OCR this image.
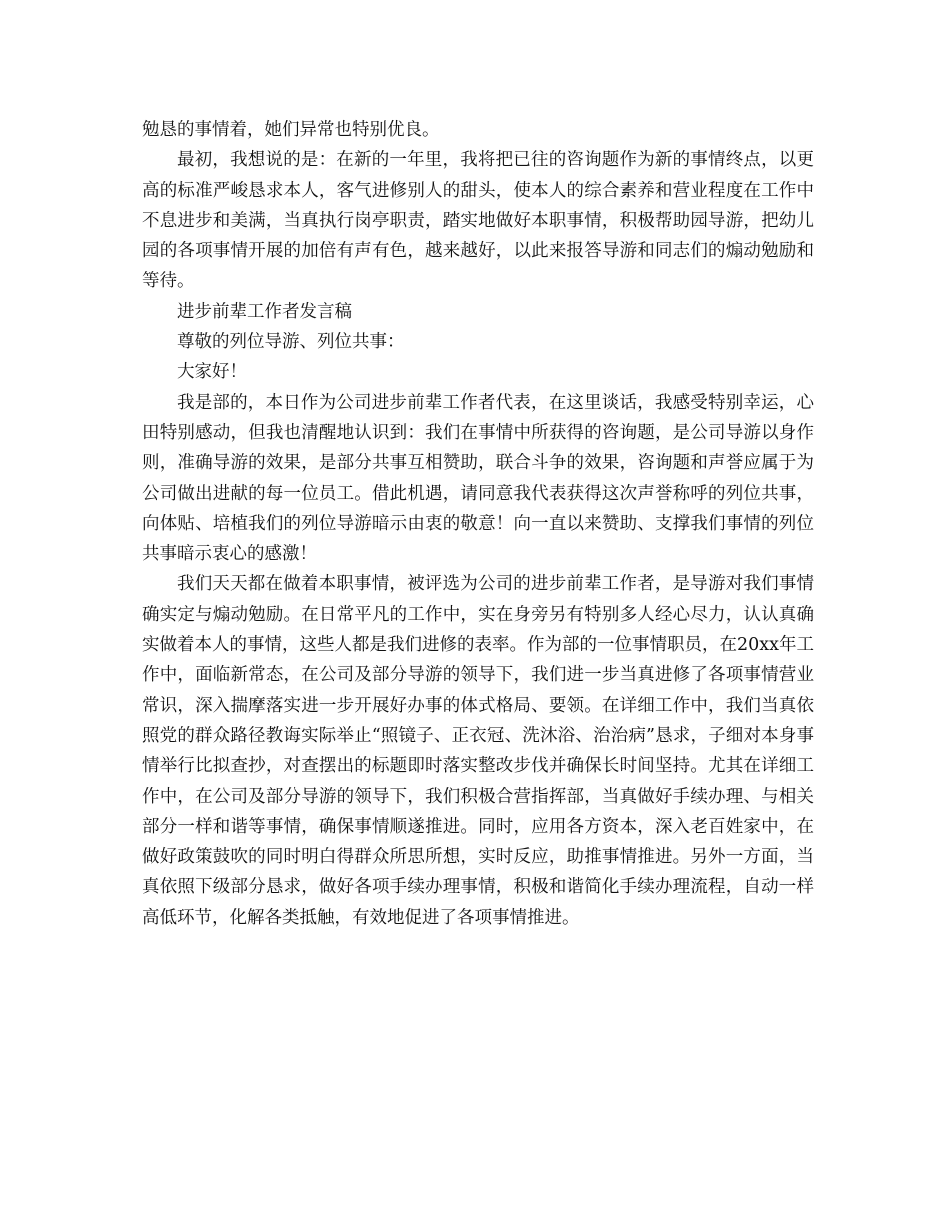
勉恳的事情着，她们异常也特别优良。

最初，我想说的是：在新的一年里，我将把已往的咨询题作为新的事情终点，以更高的标准严峻恳求本人，客气进修别人的甜头，使本人的综合素养和营业程度在工作中不息进步和美满，当真执行岗亭职责，踏实地做好本职事情，积极帮助园导游，把幼儿园的各项事情开展的加倍有声有色，越来越好，以此来报答导游和同志们的煽动勉励和等待。

进步前辈工作者发言稿

尊敬的列位导游、列位共事：

大家好！

我是部的，本日作为公司进步前辈工作者代表，在这里谈话，我感受特别幸运，心田特别感动，但我也清醒地认识到：我们在事情中所获得的咨询题，是公司导游以身作则，准确导游的效果，是部分共事互相赞助，联合斗争的效果，咨询题和声誉应属于为公司做出进献的每一位员工。借此机遇，请同意我代表获得这次声誉称呼的列位共事，向体贴、培植我们的列位导游暗示由衷的敬意！向一直以来赞助、支撑我们事情的列位共事暗示衷心的感激！

我们天天都在做着本职事情，被评选为公司的进步前辈工作者，是导游对我们事情确实定与煽动勉励。在日常平凡的工作中，实在身旁另有特别多人经心尽力，认认真确实做着本人的事情，这些人都是我们进修的表率。作为部的一位事情职员，在20xx年工作中，面临新常态，在公司及部分导游的领导下，我们进一步当真进修了各项事情营业常识，深入揣摩落实进一步开展好办事的体式格局、要领。在详细工作中，我们当真依照党的群众路径教诲实际举止“照镜子、正衣冠、洗沐浴、治治病”恳求，子细对本身事情举行比拟查抄，对查摆出的标题即时落实整改步伐并确保长时间坚持。尤其在详细工作中，在公司及部分导游的领导下，我们积极合营指挥部，当真做好手续办理、与相关部分一样和谐等事情，确保事情顺遂推进。同时，应用各方资本，深入老百姓家中，在做好政策鼓吹的同时明白得群众所思所想，实时反应，助推事情推进。另外一方面，当真依照下级部分恳求，做好各项手续办理事情，积极和谐简化手续办理流程，自动一样高低环节，化解各类抵触，有效地促进了各项事情推进。
